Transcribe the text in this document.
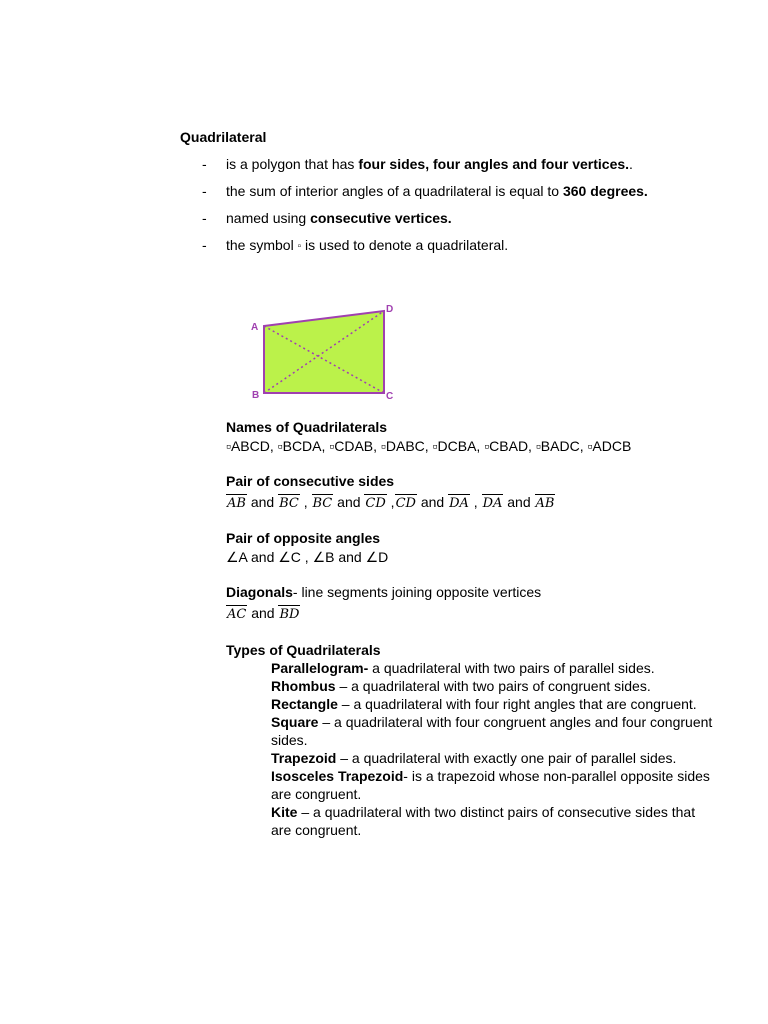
Quadrilateral
- is a polygon that has four sides, four angles and four vertices..
- the sum of interior angles of a quadrilateral is equal to 360 degrees.
- named using consecutive vertices.
- the symbol ▫ is used to denote a quadrilateral.
A
D
B	C
Names of Quadrilaterals
▫ABCD, ▫BCDA, ▫CDAB, ▫DABC, ▫DCBA, ▫CBAD, ▫BADC, ▫ADCB
Pair of consecutive sides
AB and BC , BC and CD ,CD and DA , DA and AB
Pair of opposite angles
∠A and ∠C , ∠B and ∠D
Diagonals- line segments joining opposite vertices
AC and BD
Types of Quadrilaterals
Parallelogram- a quadrilateral with two pairs of parallel sides.
Rhombus – a quadrilateral with two pairs of congruent sides.
Rectangle – a quadrilateral with four right angles that are congruent.
Square – a quadrilateral with four congruent angles and four congruent sides.
Trapezoid – a quadrilateral with exactly one pair of parallel sides.
Isosceles Trapezoid- is a trapezoid whose non-parallel opposite sides are congruent.
Kite – a quadrilateral with two distinct pairs of consecutive sides that are congruent.
